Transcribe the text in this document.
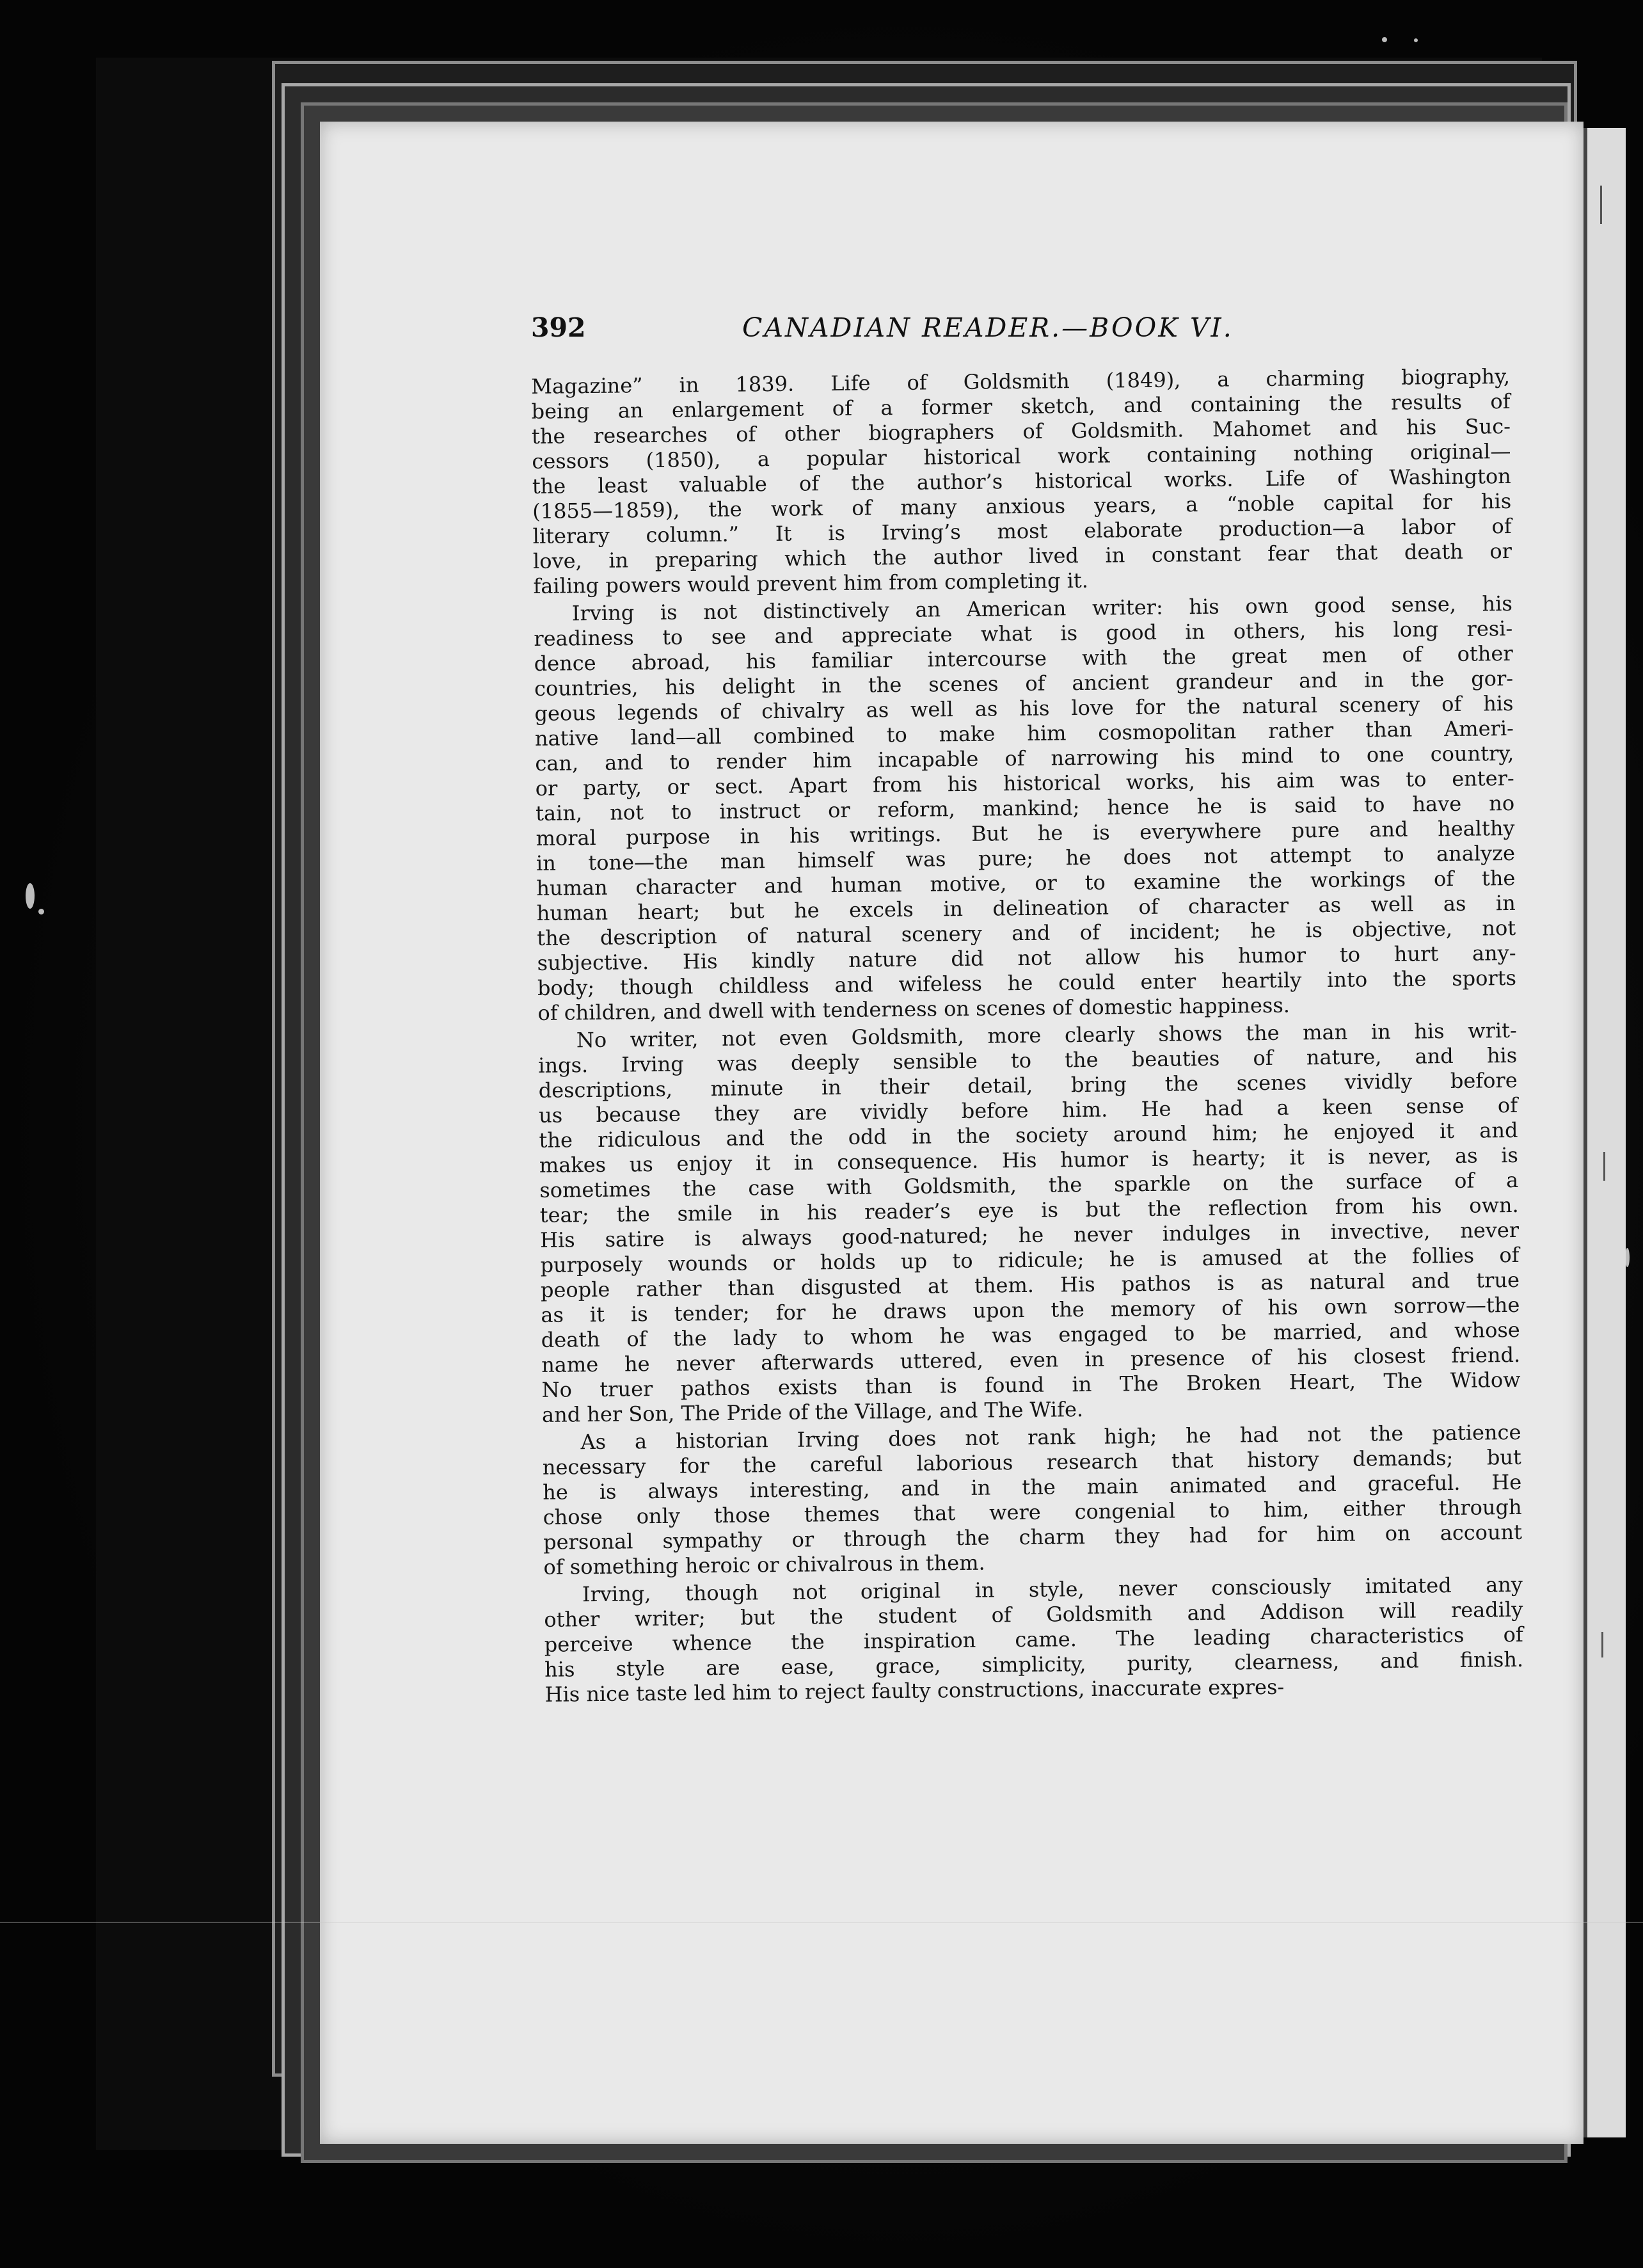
392	CANADIAN READER.—BOOK VI.
Magazine” in 1839. Life of Goldsmith (1849), a charming biography,
being an enlargement of a former sketch, and containing the results of
the researches of other biographers of Goldsmith. Mahomet and his Suc-
cessors (1850), a popular historical work containing nothing original—
the least valuable of the author’s historical works. Life of Washington
(1855—1859), the work of many anxious years, a “noble capital for his
literary column.” It is Irving’s most elaborate production—a labor of
love, in preparing which the author lived in constant fear that death or
failing powers would prevent him from completing it.
Irving is not distinctively an American writer: his own good sense, his
readiness to see and appreciate what is good in others, his long resi-
dence abroad, his familiar intercourse with the great men of other
countries, his delight in the scenes of ancient grandeur and in the gor-
geous legends of chivalry as well as his love for the natural scenery of his
native land—all combined to make him cosmopolitan rather than Ameri-
can, and to render him incapable of narrowing his mind to one country,
or party, or sect. Apart from his historical works, his aim was to enter-
tain, not to instruct or reform, mankind; hence he is said to have no
moral purpose in his writings. But he is everywhere pure and healthy
in tone—the man himself was pure; he does not attempt to analyze
human character and human motive, or to examine the workings of the
human heart; but he excels in delineation of character as well as in
the description of natural scenery and of incident; he is objective, not
subjective. His kindly nature did not allow his humor to hurt any-
body; though childless and wifeless he could enter heartily into the sports
of children, and dwell with tenderness on scenes of domestic happiness.
No writer, not even Goldsmith, more clearly shows the man in his writ-
ings. Irving was deeply sensible to the beauties of nature, and his
descriptions, minute in their detail, bring the scenes vividly before
us because they are vividly before him. He had a keen sense of
the ridiculous and the odd in the society around him; he enjoyed it and
makes us enjoy it in consequence. His humor is hearty; it is never, as is
sometimes the case with Goldsmith, the sparkle on the surface of a
tear; the smile in his reader’s eye is but the reflection from his own.
His satire is always good-natured; he never indulges in invective, never
purposely wounds or holds up to ridicule; he is amused at the follies of
people rather than disgusted at them. His pathos is as natural and true
as it is tender; for he draws upon the memory of his own sorrow—the
death of the lady to whom he was engaged to be married, and whose
name he never afterwards uttered, even in presence of his closest friend.
No truer pathos exists than is found in The Broken Heart, The Widow
and her Son, The Pride of the Village, and The Wife.
As a historian Irving does not rank high; he had not the patience
necessary for the careful laborious research that history demands; but
he is always interesting, and in the main animated and graceful. He
chose only those themes that were congenial to him, either through
personal sympathy or through the charm they had for him on account
of something heroic or chivalrous in them.
Irving, though not original in style, never consciously imitated any
other writer; but the student of Goldsmith and Addison will readily
perceive whence the inspiration came. The leading characteristics of
his style are ease, grace, simplicity, purity, clearness, and finish.
His nice taste led him to reject faulty constructions, inaccurate expres-
